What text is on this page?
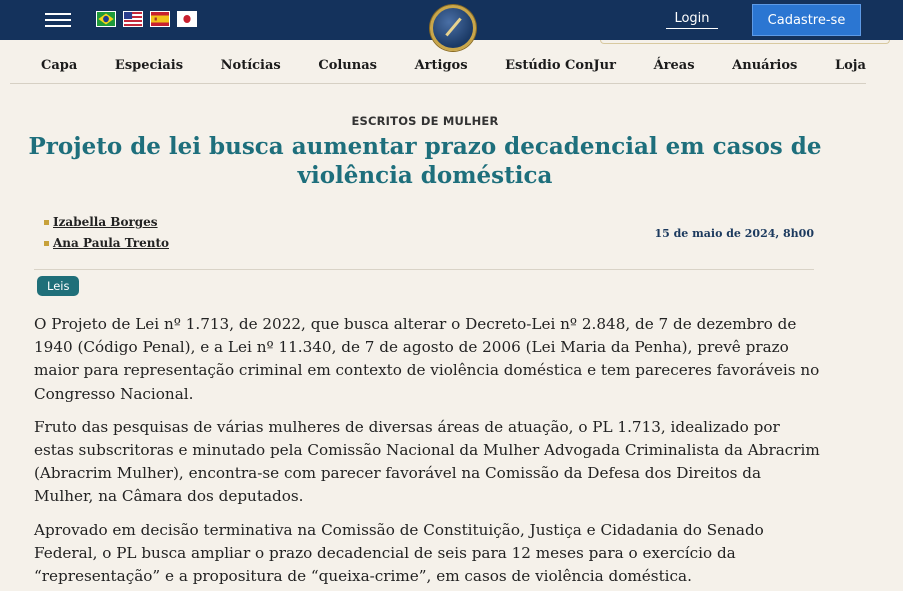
Login	Cadastre-se
Capa	Especiais	Notícias	Colunas	Artigos	Estúdio ConJur	Áreas	Anuários	Loja
ESCRITOS DE MULHER
Projeto de lei busca aumentar prazo decadencial em casos de violência doméstica
Izabella Borges
Ana Paula Trento
15 de maio de 2024, 8h00
Leis

O Projeto de Lei nº 1.713, de 2022, que busca alterar o Decreto-Lei nº 2.848, de 7 de dezembro de 1940 (Código Penal), e a Lei nº 11.340, de 7 de agosto de 2006 (Lei Maria da Penha), prevê prazo maior para representação criminal em contexto de violência doméstica e tem pareceres favoráveis no Congresso Nacional.

Fruto das pesquisas de várias mulheres de diversas áreas de atuação, o PL 1.713, idealizado por estas subscritoras e minutado pela Comissão Nacional da Mulher Advogada Criminalista da Abracrim (Abracrim Mulher), encontra-se com parecer favorável na Comissão da Defesa dos Direitos da Mulher, na Câmara dos deputados.

Aprovado em decisão terminativa na Comissão de Constituição, Justiça e Cidadania do Senado Federal, o PL busca ampliar o prazo decadencial de seis para 12 meses para o exercício da “representação” e a propositura de “queixa-crime”, em casos de violência doméstica.
